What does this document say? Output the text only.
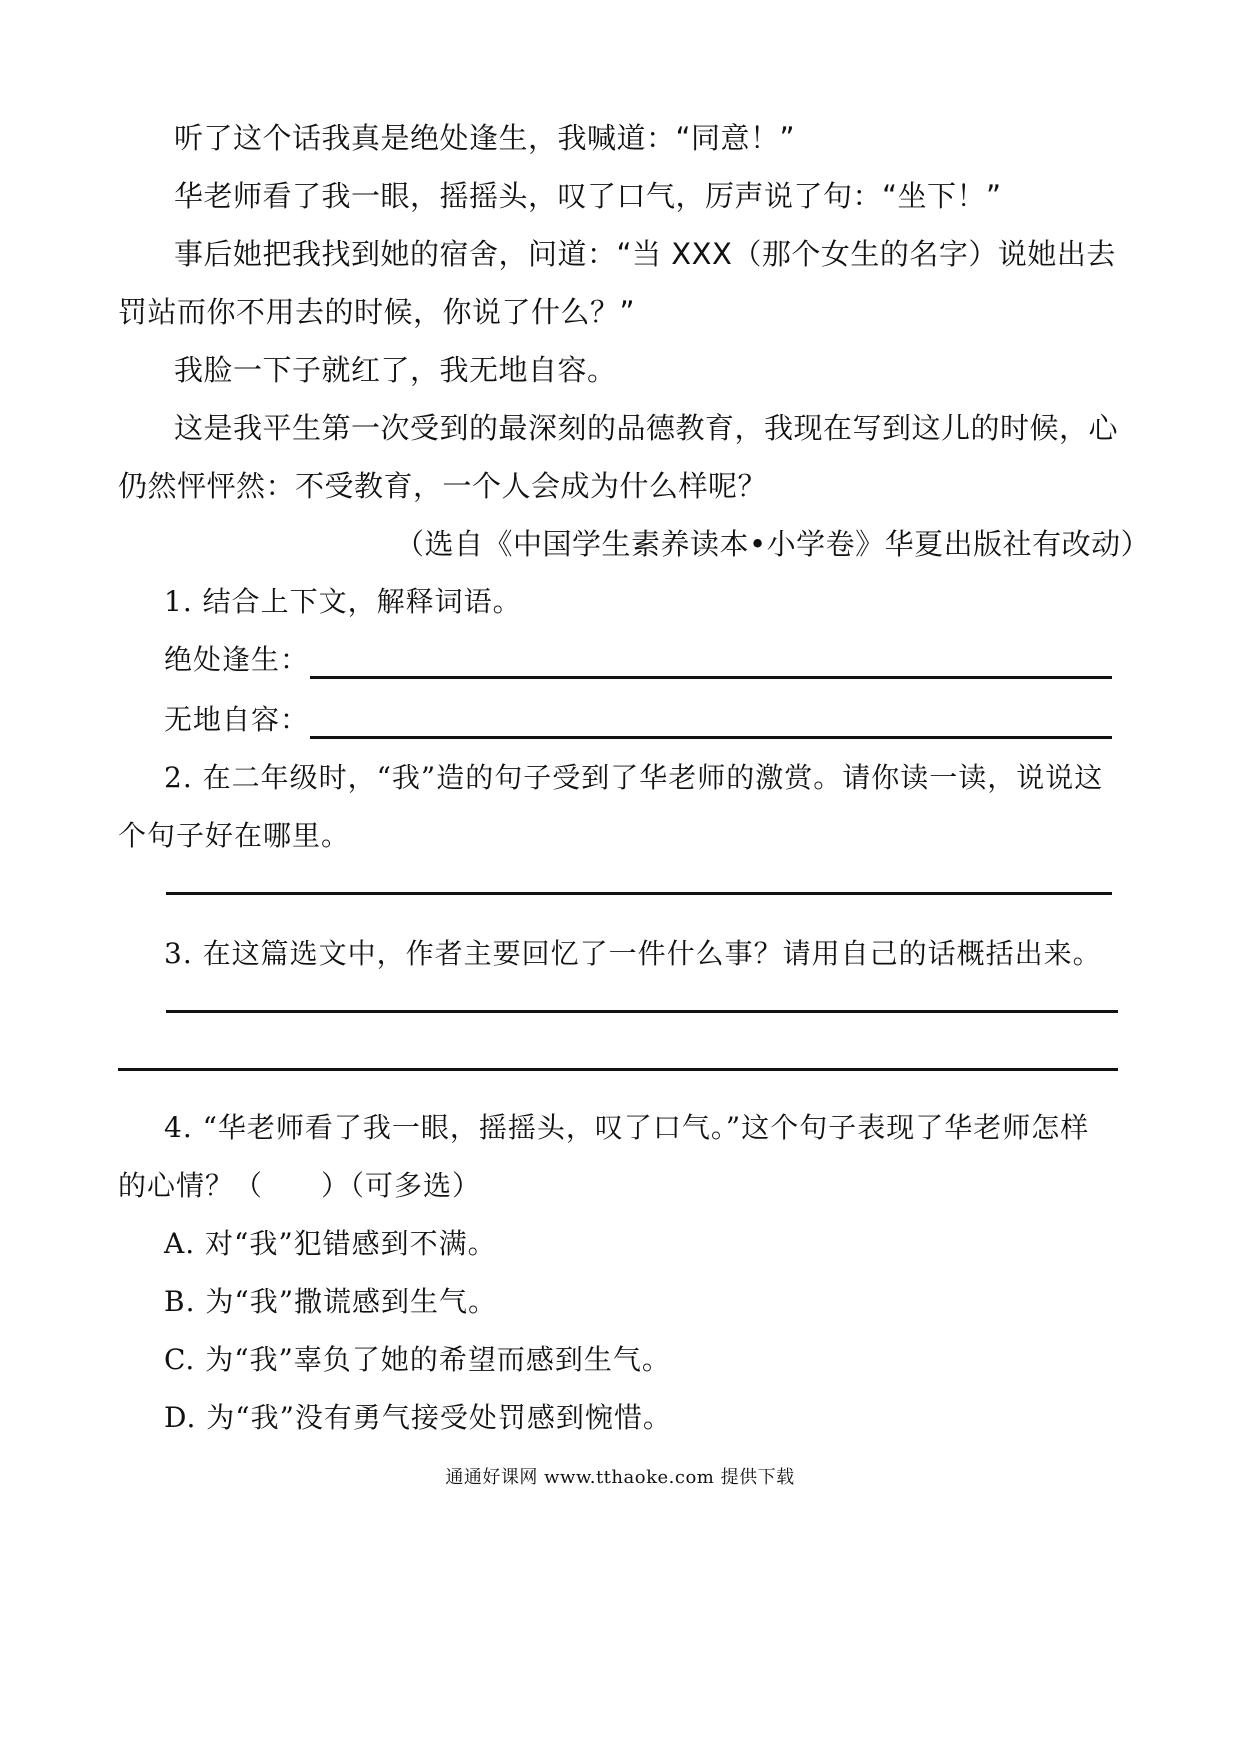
听了这个话我真是绝处逢生，我喊道：“同意！”
华老师看了我一眼，摇摇头，叹了口气，厉声说了句：“坐下！”
事后她把我找到她的宿舍，问道：“当 XXX（那个女生的名字）说她出去
罚站而你不用去的时候，你说了什么？”
我脸一下子就红了，我无地自容。
这是我平生第一次受到的最深刻的品德教育，我现在写到这儿的时候，心
仍然怦怦然：不受教育，一个人会成为什么样呢？
（选自《中国学生素养读本•小学卷》华夏出版社有改动）
1. 结合上下文，解释词语。
绝处逢生：
无地自容：
2. 在二年级时，“我”造的句子受到了华老师的激赏。请你读一读，说说这
个句子好在哪里。
3. 在这篇选文中，作者主要回忆了一件什么事？请用自己的话概括出来。
4. “华老师看了我一眼，摇摇头，叹了口气。”这个句子表现了华老师怎样
的心情？（　　）（可多选）
A. 对“我”犯错感到不满。
B. 为“我”撒谎感到生气。
C. 为“我”辜负了她的希望而感到生气。
D. 为“我”没有勇气接受处罚感到惋惜。
通通好课网 www.tthaoke.com 提供下载
